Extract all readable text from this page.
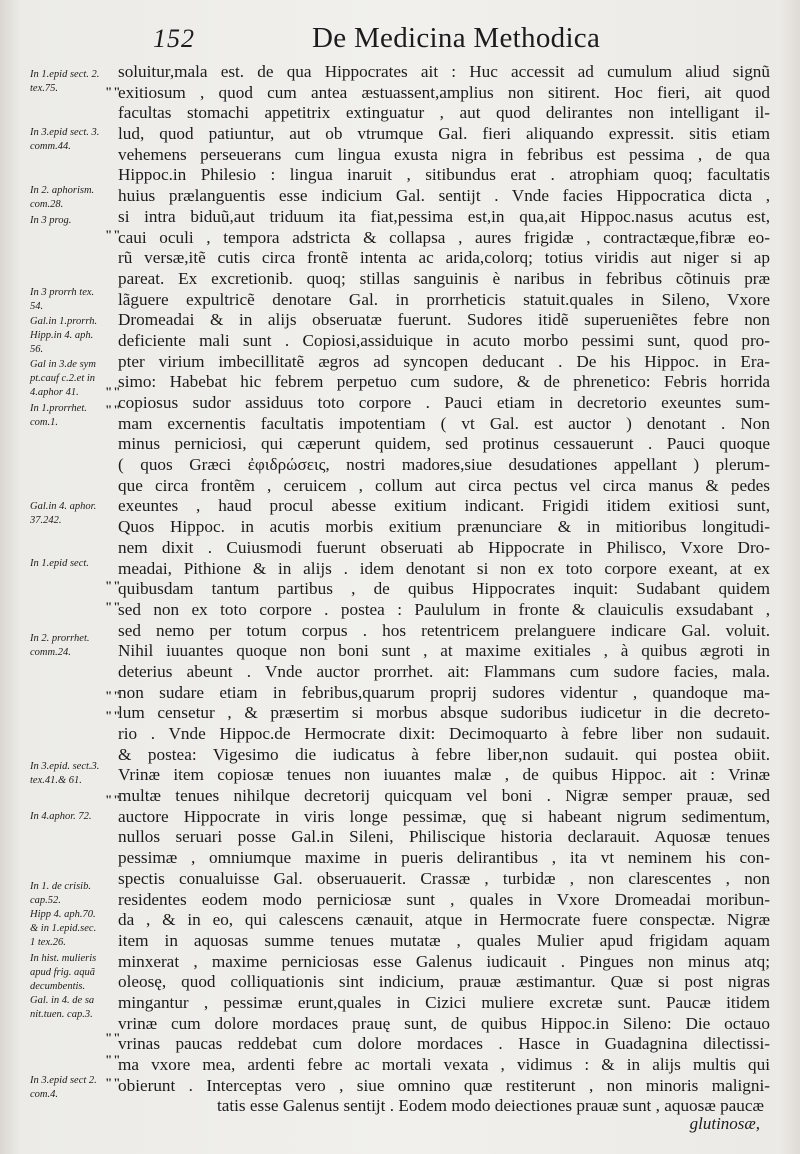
152	De Medicina Methodica
In 1.epid sect. 2.
tex.75.	""
In 3.epid sect. 3.
comm.44.
In 2. aphorism.
com.28.
In 3 prog.
""
In 3 prorrh tex.
54.
Gal.in 1.prorrh.
Hipp.in 4. aph.
56.
Gal in 3.de sym
pt.cauf c.2.et in
4.aphor 41.	""
In 1.prorrhet.
com.1.
""
Gal.in 4. aphor.
37.242.
In 1.epid sect.
""
""
In 2. prorrhet.
comm.24.
""
""
In 3.epid. sect.3.
tex.41.& 61.
""
In 4.aphor. 72.
In 1. de crisib.
cap.52.
Hipp 4. aph.70.
& in 1.epid.sec.
1 tex.26.
In hist. mulieris
apud frig. aquã
decumbentis.
Gal. in 4. de sa
nit.tuen. cap.3.
""
""
In 3.epid sect 2.
com.4.
""
soluitur,mala est. de qua Hippocrates ait : Huc accessit ad cumulum aliud signũ
exitiosum , quod cum antea æstuassent,amplius non sitirent. Hoc fieri, ait quod
facultas stomachi appetitrix extinguatur , aut quod delirantes non intelligant il-
lud, quod patiuntur, aut ob vtrumque Gal. fieri aliquando expressit. sitis etiam
vehemens perseuerans cum lingua exusta nigra in febribus est pessima , de qua
Hippoc.in Philesio : lingua inaruit , sitibundus erat . atrophiam quoq; facultatis
huius prælanguentis esse indicium Gal. sentijt . Vnde facies Hippocratica dicta ,
si intra biduũ,aut triduum ita fiat,pessima est,in qua,ait Hippoc.nasus acutus est,
caui oculi , tempora adstricta & collapsa , aures frigidæ , contractæque,fibræ eo-
rũ versæ,itẽ cutis circa frontẽ intenta ac arida,colorq; totius viridis aut niger si ap
pareat. Ex excretionib. quoq; stillas sanguinis è naribus in febribus cõtinuis præ
lãguere expultricẽ denotare Gal. in prorrheticis statuit.quales in Sileno, Vxore
Dromeadai & in alijs obseruatæ fuerunt. Sudores itidẽ superueniẽtes febre non
deficiente mali sunt . Copiosi,assiduique in acuto morbo pessimi sunt, quod pro-
pter virium imbecillitatẽ ægros ad syncopen deducant . De his Hippoc. in Era-
simo: Habebat hic febrem perpetuo cum sudore, & de phrenetico: Febris horrida
copiosus sudor assiduus toto corpore . Pauci etiam in decretorio exeuntes sum-
mam excernentis facultatis impotentiam ( vt Gal. est auctor ) denotant . Non
minus perniciosi, qui cæperunt quidem, sed protinus cessauerunt . Pauci quoque
( quos Græci ἐφιδρώσεις, nostri madores,siue desudationes appellant ) plerum-
que circa frontẽm , ceruicem , collum aut circa pectus vel circa manus & pedes
exeuntes , haud procul abesse exitium indicant. Frigidi itidem exitiosi sunt,
Quos Hippoc. in acutis morbis exitium prænunciare & in mitioribus longitudi-
nem dixit . Cuiusmodi fuerunt obseruati ab Hippocrate in Philisco, Vxore Dro-
meadai, Pithione & in alijs . idem denotant si non ex toto corpore exeant, at ex
quibusdam tantum partibus , de quibus Hippocrates inquit: Sudabant quidem
sed non ex toto corpore . postea : Paululum in fronte & clauiculis exsudabant ,
sed nemo per totum corpus . hos retentricem prelanguere indicare Gal. voluit.
Nihil iuuantes quoque non boni sunt , at maxime exitiales , à quibus ægroti in
deterius abeunt . Vnde auctor prorrhet. ait: Flammans cum sudore facies, mala.
non sudare etiam in febribus,quarum proprij sudores videntur , quandoque ma-
lum censetur , & præsertim si morbus absque sudoribus iudicetur in die decreto-
rio . Vnde Hippoc.de Hermocrate dixit: Decimoquarto à febre liber non sudauit.
& postea: Vigesimo die iudicatus à febre liber,non sudauit. qui postea obiit.
Vrinæ item copiosæ tenues non iuuantes malæ , de quibus Hippoc. ait : Vrinæ
multæ tenues nihilque decretorij quicquam vel boni . Nigræ semper prauæ, sed
auctore Hippocrate in viris longe pessimæ, quę si habeant nigrum sedimentum,
nullos seruari posse Gal.in Sileni, Philiscique historia declarauit. Aquosæ tenues
pessimæ , omniumque maxime in pueris delirantibus , ita vt neminem his con-
spectis conualuisse Gal. obseruauerit. Crassæ , turbidæ , non clarescentes , non
residentes eodem modo perniciosæ sunt , quales in Vxore Dromeadai moribun-
da , & in eo, qui calescens cænauit, atque in Hermocrate fuere conspectæ. Nigræ
item in aquosas summe tenues mutatæ , quales Mulier apud frigidam aquam
minxerat , maxime perniciosas esse Galenus iudicauit . Pingues non minus atq;
oleosę, quod colliquationis sint indicium, prauæ æstimantur. Quæ si post nigras
mingantur , pessimæ erunt,quales in Cizici muliere excretæ sunt. Paucæ itidem
vrinæ cum dolore mordaces prauę sunt, de quibus Hippoc.in Sileno: Die octauo
vrinas paucas reddebat cum dolore mordaces . Hasce in Guadagnina dilectissi-
ma vxore mea, ardenti febre ac mortali vexata , vidimus : & in alijs multis qui
obierunt . Interceptas vero , siue omnino quæ restiterunt , non minoris maligni-
tatis esse Galenus sentijt . Eodem modo deiectiones prauæ sunt , aquosæ paucæ
glutinosæ,
